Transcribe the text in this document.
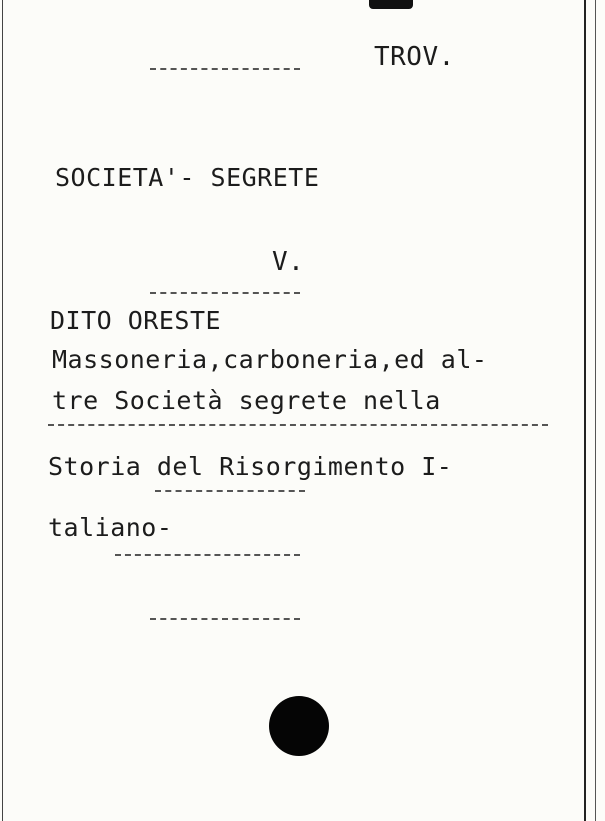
TROV.
SOCIETA'- SEGRETE
V.
DITO ORESTE
Massoneria,carboneria,ed al-
tre Società segrete nella
Storia del Risorgimento I-
taliano-
